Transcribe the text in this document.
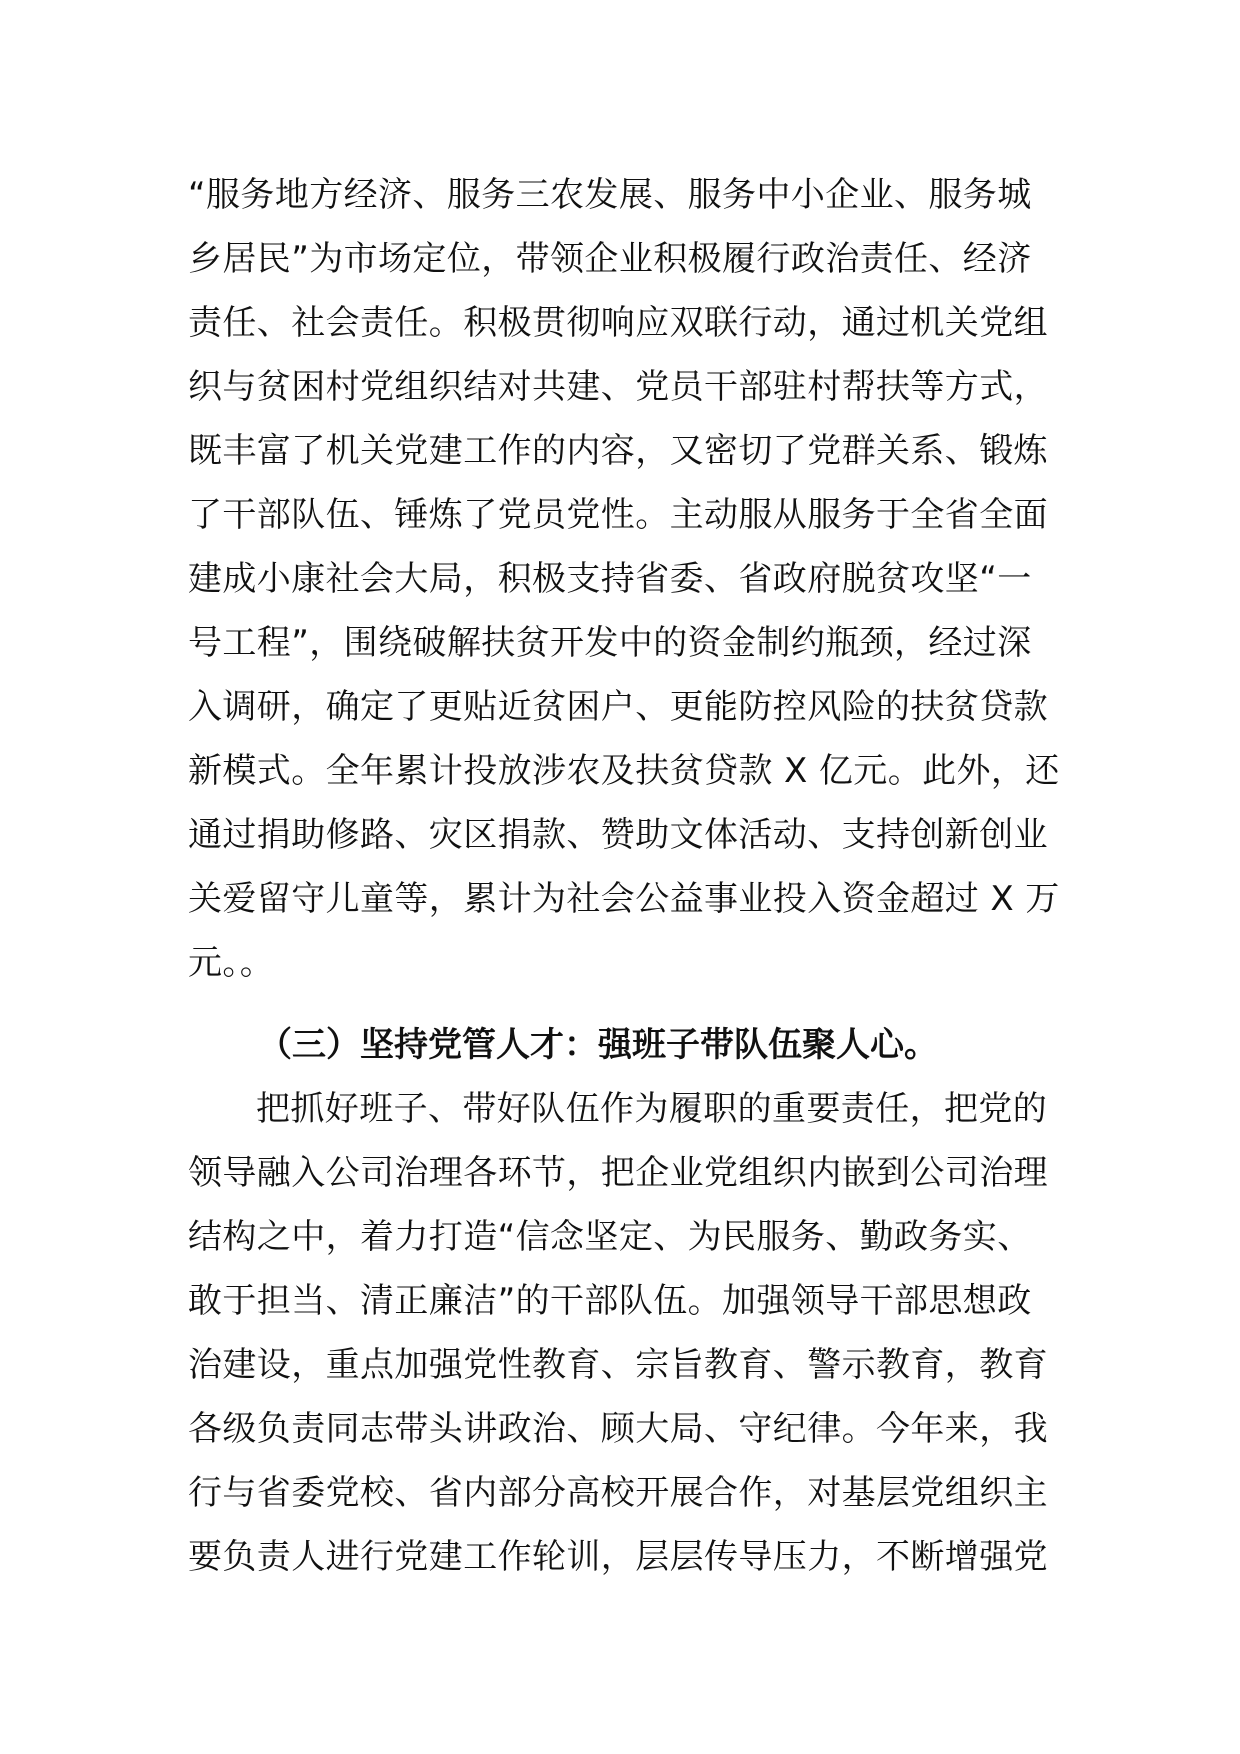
“服务地方经济、服务三农发展、服务中小企业、服务城
乡居民”为市场定位，带领企业积极履行政治责任、经济
责任、社会责任。积极贯彻响应双联行动，通过机关党组
织与贫困村党组织结对共建、党员干部驻村帮扶等方式，
既丰富了机关党建工作的内容，又密切了党群关系、锻炼
了干部队伍、锤炼了党员党性。主动服从服务于全省全面
建成小康社会大局，积极支持省委、省政府脱贫攻坚“一
号工程”，围绕破解扶贫开发中的资金制约瓶颈，经过深
入调研，确定了更贴近贫困户、更能防控风险的扶贫贷款
新模式。全年累计投放涉农及扶贫贷款 X 亿元。此外，还
通过捐助修路、灾区捐款、赞助文体活动、支持创新创业
关爱留守儿童等，累计为社会公益事业投入资金超过 X 万
元。。
（三）坚持党管人才：强班子带队伍聚人心。
把抓好班子、带好队伍作为履职的重要责任，把党的
领导融入公司治理各环节，把企业党组织内嵌到公司治理
结构之中，着力打造“信念坚定、为民服务、勤政务实、
敢于担当、清正廉洁”的干部队伍。加强领导干部思想政
治建设，重点加强党性教育、宗旨教育、警示教育，教育
各级负责同志带头讲政治、顾大局、守纪律。今年来，我
行与省委党校、省内部分高校开展合作，对基层党组织主
要负责人进行党建工作轮训，层层传导压力，不断增强党
